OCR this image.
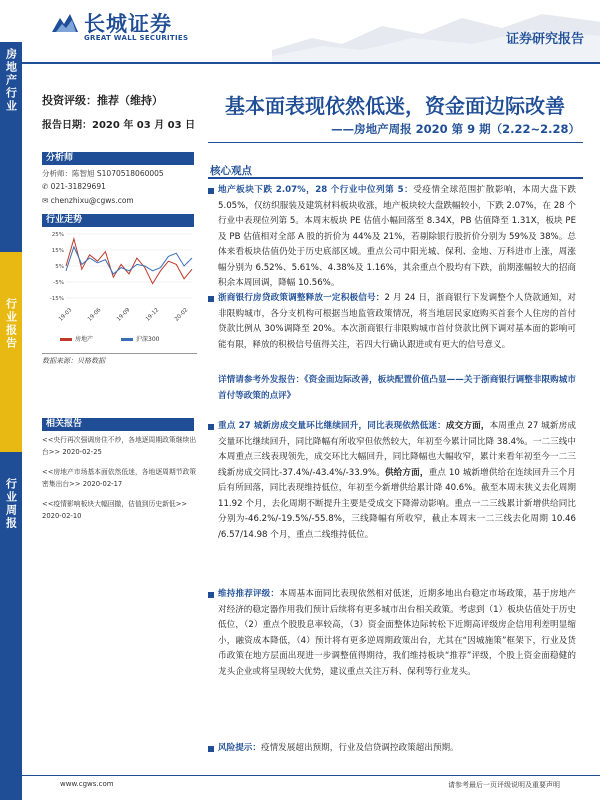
房地产行业
行业报告
行业周报
长城证券
GREAT WALL SECURITIES	证券研究报告
投资评级：推荐（维持）
报告日期：2020 年 03 月 03 日
分析师
分析师：陈智旭 S1070518060005
✆ 021-31829691
✉ chenzhixu@cgws.com
行业走势
25%
15%
5%
-5%
-15%
19-03 19-06 19-09 19-12 20-02
房地产	沪深300
数据来源：贝格数据
相关报告
<<央行再次强调房住不炒，各地逐周期政策继续出台>> 2020-02-25
<<房地产市场基本面依然低迷，各地逐周期节政策密集出台>> 2020-02-17
<<疫情影响板块大幅回撤，估值到历史新低>> 2020-02-10
基本面表现依然低迷，资金面边际改善
——房地产周报 2020 第 9 期（2.22~2.28）
核心观点
地产板块下跌 2.07%，28 个行业中位列第 5：受疫情全球范围扩散影响，本周大盘下跌 5.05%，仅纺织服装及建筑材料板块收涨，地产板块较大盘跌幅较小，下跌 2.07%，在 28 个行业中表现位列第 5。本周末板块 PE 估值小幅回落至 8.34X，PB 估值降至 1.31X，板块 PE 及 PB 估值相对全部 A 股的折价为 44%及 21%，若剔除银行股折价分别为 59%及 38%。总体来看板块估值仍处于历史底部区域。重点公司中阳光城、保利、金地、万科进市上涨，周涨幅分别为 6.52%、5.61%、4.38%及 1.16%，其余重点个股均有下跌，前期涨幅较大的招商积余本周回调，降幅 10.56%。
浙商银行房贷政策调整释放一定积极信号：2 月 24 日，浙商银行下发调整个人贷款通知，对非限购城市，各分支机构可根据当地监管政策情况，将当地居民家庭购买首套个人住房的首付贷款比例从 30%调降至 20%。本次浙商银行非限购城市首付贷款比例下调对基本面的影响可能有限，释放的积极信号值得关注，若四大行确认跟进或有更大的信号意义。
详情请参考外发报告：《资金面边际改善，板块配置价值凸显——关于浙商银行调整非限购城市首付等政策的点评》
重点 27 城新房成交量环比继续回升，同比表现依然低迷：成交方面，本周重点 27 城新房成交量环比继续回升，同比降幅有所收窄但依然较大，年初至今累计同比降 38.4%。一二三线中本周重点三线表现领先，成交环比大幅回升，同比降幅也大幅收窄，累计来看年初至今一二三线新房成交同比-37.4%/-43.4%/-33.9%。供给方面，重点 10 城新增供给在连续回升三个月后有所回落，同比表现维持低位，年初至今新增供给累计降 40.6%。截至本周末狭义去化周期 11.92 个月，去化周期不断提升主要是受成交下降滞动影响。重点一二三线累计新增供给同比分别为-46.2%/-19.5%/-55.8%，三线降幅有所收窄，截止本周末一二三线去化周期 10.46 /6.57/14.98 个月，重点二线维持低位。
维持推荐评级：本周基本面同比表现依然相对低迷，近期多地出台稳定市场政策，基于房地产对经济的稳定器作用我们预计后续将有更多城市出台相关政策。考虑到（1）板块估值处于历史低位，（2）重点个股股息率较高，（3）资金面整体边际转松下近期高评级房企信用利差明显缩小，融资成本降低，（4）预计将有更多逆周期政策出台，尤其在“因城施策”框架下，行业及货币政策在地方层面出现进一步调整值得期待，我们维持板块“推荐”评级，个股上资金面稳健的龙头企业或将呈现较大优势，建议重点关注万科、保利等行业龙头。
风险提示：疫情发展超出预期，行业及信贷调控政策超出预期。
www.cgws.com	请参考最后一页评级说明及重要声明
